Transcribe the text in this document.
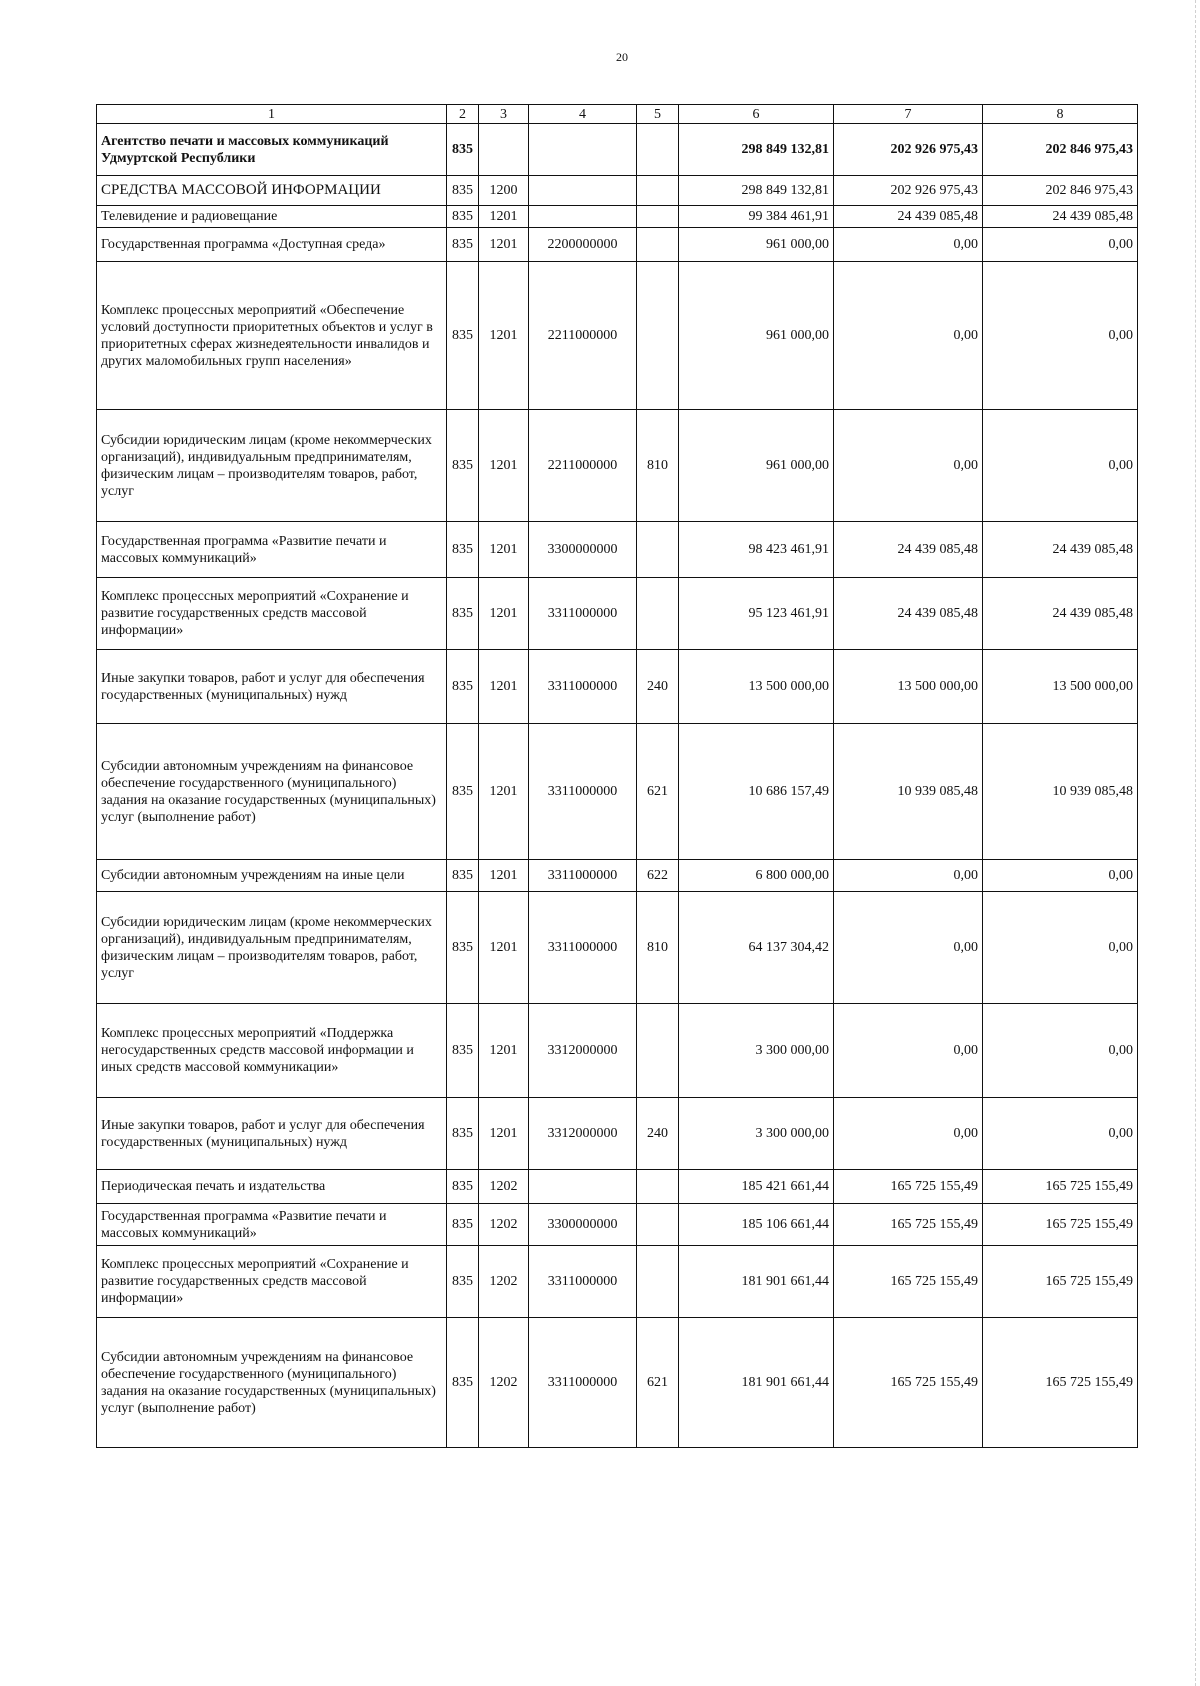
20
1	2	3	4	5	6	7	8
Агентство печати и массовых коммуникаций Удмуртской Республики	835				298 849 132,81	202 926 975,43	202 846 975,43
СРЕДСТВА МАССОВОЙ ИНФОРМАЦИИ	835	1200			298 849 132,81	202 926 975,43	202 846 975,43
Телевидение и радиовещание	835	1201			99 384 461,91	24 439 085,48	24 439 085,48
Государственная программа «Доступная среда»	835	1201	2200000000		961 000,00	0,00	0,00
Комплекс процессных мероприятий «Обеспечение условий доступности приоритетных объектов и услуг в приоритетных сферах жизнедеятельности инвалидов и других маломобильных групп населения»	835	1201	2211000000		961 000,00	0,00	0,00
Субсидии юридическим лицам (кроме некоммерческих организаций), индивидуальным предпринимателям, физическим лицам – производителям товаров, работ, услуг	835	1201	2211000000	810	961 000,00	0,00	0,00
Государственная программа «Развитие печати и массовых коммуникаций»	835	1201	3300000000		98 423 461,91	24 439 085,48	24 439 085,48
Комплекс процессных мероприятий «Сохранение и развитие государственных средств массовой информации»	835	1201	3311000000		95 123 461,91	24 439 085,48	24 439 085,48
Иные закупки товаров, работ и услуг для обеспечения государственных (муниципальных) нужд	835	1201	3311000000	240	13 500 000,00	13 500 000,00	13 500 000,00
Субсидии автономным учреждениям на финансовое обеспечение государственного (муниципального) задания на оказание государственных (муниципальных) услуг (выполнение работ)	835	1201	3311000000	621	10 686 157,49	10 939 085,48	10 939 085,48
Субсидии автономным учреждениям на иные цели	835	1201	3311000000	622	6 800 000,00	0,00	0,00
Субсидии юридическим лицам (кроме некоммерческих организаций), индивидуальным предпринимателям, физическим лицам – производителям товаров, работ, услуг	835	1201	3311000000	810	64 137 304,42	0,00	0,00
Комплекс процессных мероприятий «Поддержка негосударственных средств массовой информации и иных средств массовой коммуникации»	835	1201	3312000000		3 300 000,00	0,00	0,00
Иные закупки товаров, работ и услуг для обеспечения государственных (муниципальных) нужд	835	1201	3312000000	240	3 300 000,00	0,00	0,00
Периодическая печать и издательства	835	1202			185 421 661,44	165 725 155,49	165 725 155,49
Государственная программа «Развитие печати и массовых коммуникаций»	835	1202	3300000000		185 106 661,44	165 725 155,49	165 725 155,49
Комплекс процессных мероприятий «Сохранение и развитие государственных средств массовой информации»	835	1202	3311000000		181 901 661,44	165 725 155,49	165 725 155,49
Субсидии автономным учреждениям на финансовое обеспечение государственного (муниципального) задания на оказание государственных (муниципальных) услуг (выполнение работ)	835	1202	3311000000	621	181 901 661,44	165 725 155,49	165 725 155,49
